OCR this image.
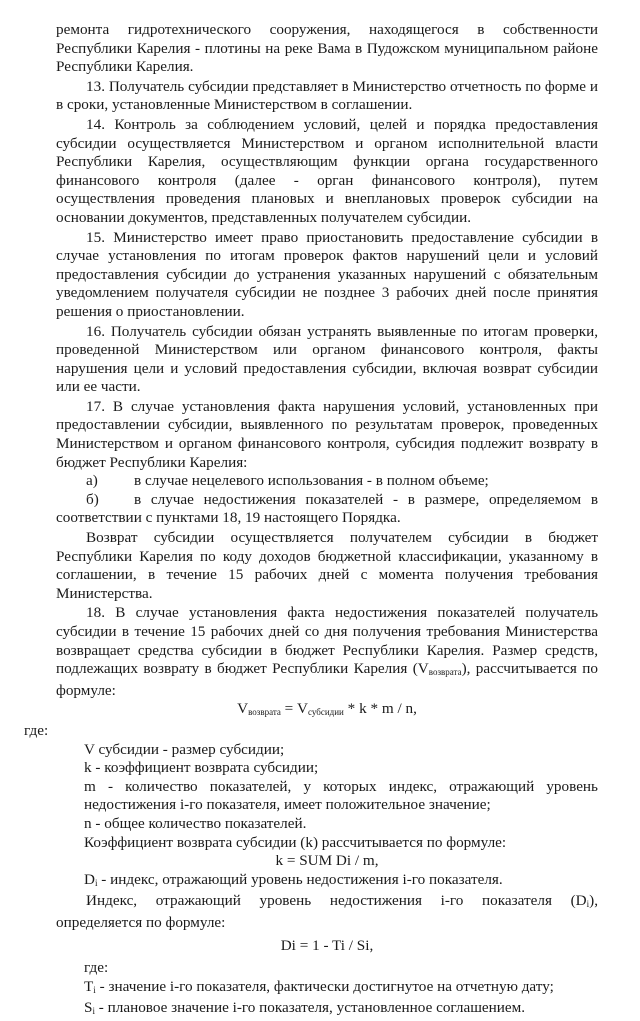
ремонта гидротехнического сооружения, находящегося в собственности Республики Карелия - плотины на реке Вама в Пудожском муниципальном районе Республики Карелия.

13. Получатель субсидии представляет в Министерство отчетность по форме и в сроки, установленные Министерством в соглашении.

14. Контроль за соблюдением условий, целей и порядка предоставления субсидии осуществляется Министерством и органом исполнительной власти Республики Карелия, осуществляющим функции органа государственного финансового контроля (далее - орган финансового контроля), путем осуществления проведения плановых и внеплановых проверок субсидии на основании документов, представленных получателем субсидии.

15. Министерство имеет право приостановить предоставление субсидии в случае установления по итогам проверок фактов нарушений цели и условий предоставления субсидии до устранения указанных нарушений с обязательным уведомлением получателя субсидии не позднее 3 рабочих дней после принятия решения о приостановлении.

16. Получатель субсидии обязан устранять выявленные по итогам проверки, проведенной Министерством или органом финансового контроля, факты нарушения цели и условий предоставления субсидии, включая возврат субсидии или ее части.

17. В случае установления факта нарушения условий, установленных при предоставлении субсидии, выявленного по результатам проверок, проведенных Министерством и органом финансового контроля, субсидия подлежит возврату в бюджет Республики Карелия:

а)	в случае нецелевого использования - в полном объеме;
б)	в случае недостижения показателей - в размере, определяемом в

соответствии с пунктами 18, 19 настоящего Порядка.

Возврат субсидии осуществляется получателем субсидии в бюджет Республики Карелия по коду доходов бюджетной классификации, указанному в соглашении, в течение 15 рабочих дней с момента получения требования Министерства.

18. В случае установления факта недостижения показателей получатель субсидии в течение 15 рабочих дней со дня получения требования Министерства возвращает средства субсидии в бюджет Республики Карелия. Размер средств, подлежащих возврату в бюджет Республики Карелия $(V_{возврата})$, рассчитывается по формуле:

$V_{возврата} = V_{субсидии} * k * m / n$,

где:

V субсидии - размер субсидии;

k - коэффициент возврата субсидии;

m - количество показателей, у которых индекс, отражающий уровень недостижения i-го показателя, имеет положительное значение;

n - общее количество показателей.

Коэффициент возврата субсидии (k) рассчитывается по формуле:

k = SUM Di / m,

$D_i$ - индекс, отражающий уровень недостижения i-го показателя.

Индекс, отражающий уровень недостижения i-го показателя $(D_i)$, определяется по формуле:

Di = 1 - Ti / Si,

где:

$T_i$ - значение i-го показателя, фактически достигнутое на отчетную дату;

$S_i$ - плановое значение i-го показателя, установленное соглашением.
